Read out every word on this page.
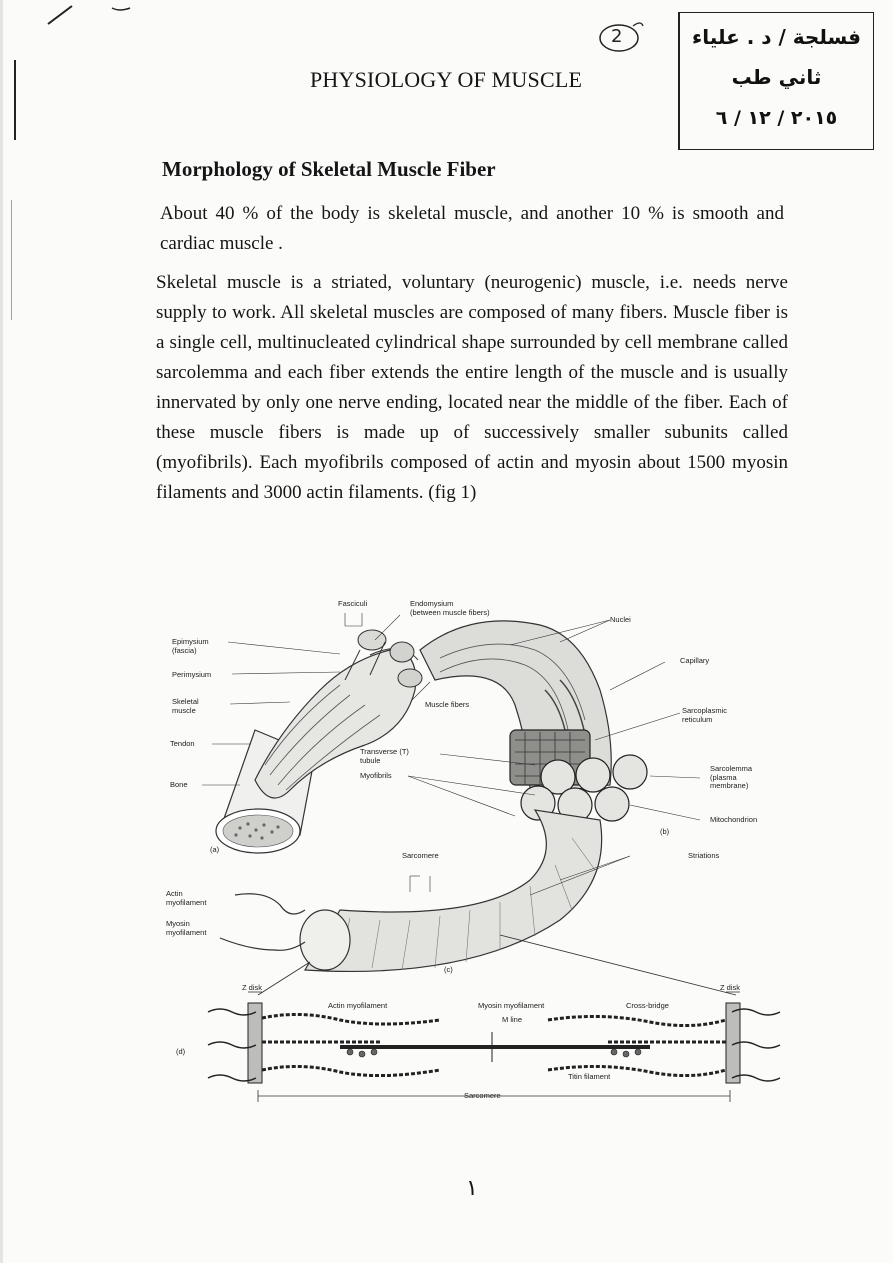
2
PHYSIOLOGY OF MUSCLE
فسلجة / د . علياء
ثاني طب
٢٠١٥ / ١٢ / ٦
Morphology of Skeletal Muscle Fiber
About 40 % of the body is skeletal muscle, and another 10 % is smooth and cardiac muscle .
Skeletal muscle is a striated, voluntary (neurogenic) muscle, i.e. needs nerve supply to work. All skeletal muscles are composed of many fibers. Muscle fiber is a single cell, multinucleated cylindrical shape surrounded by cell membrane called sarcolemma and each fiber extends the entire length of the muscle and is usually innervated by only one nerve ending, located near the middle of the fiber. Each of these muscle fibers is made up of successively smaller subunits called (myofibrils). Each myofibrils composed of actin and myosin about 1500 myosin filaments and 3000 actin filaments. (fig 1)
Fasciculi	Endomysium
(between muscle fibers)
Nuclei
Epimysium
(fascia)
Perimysium
Capillary
Skeletal
muscle
Muscle fibers
Sarcoplasmic
reticulum
Tendon
Transverse (T)
tubule
Myofibrils
Sarcolemma
(plasma
membrane)
Bone
Mitochondrion
(b)
(a)
Sarcomere	Striations
Actin
myofilament
Myosin
myofilament
(c)
Z disk	Z disk
Actin myofilament	Myosin myofilament	Cross-bridge
M line
(d)
Titin filament
Sarcomere
١
